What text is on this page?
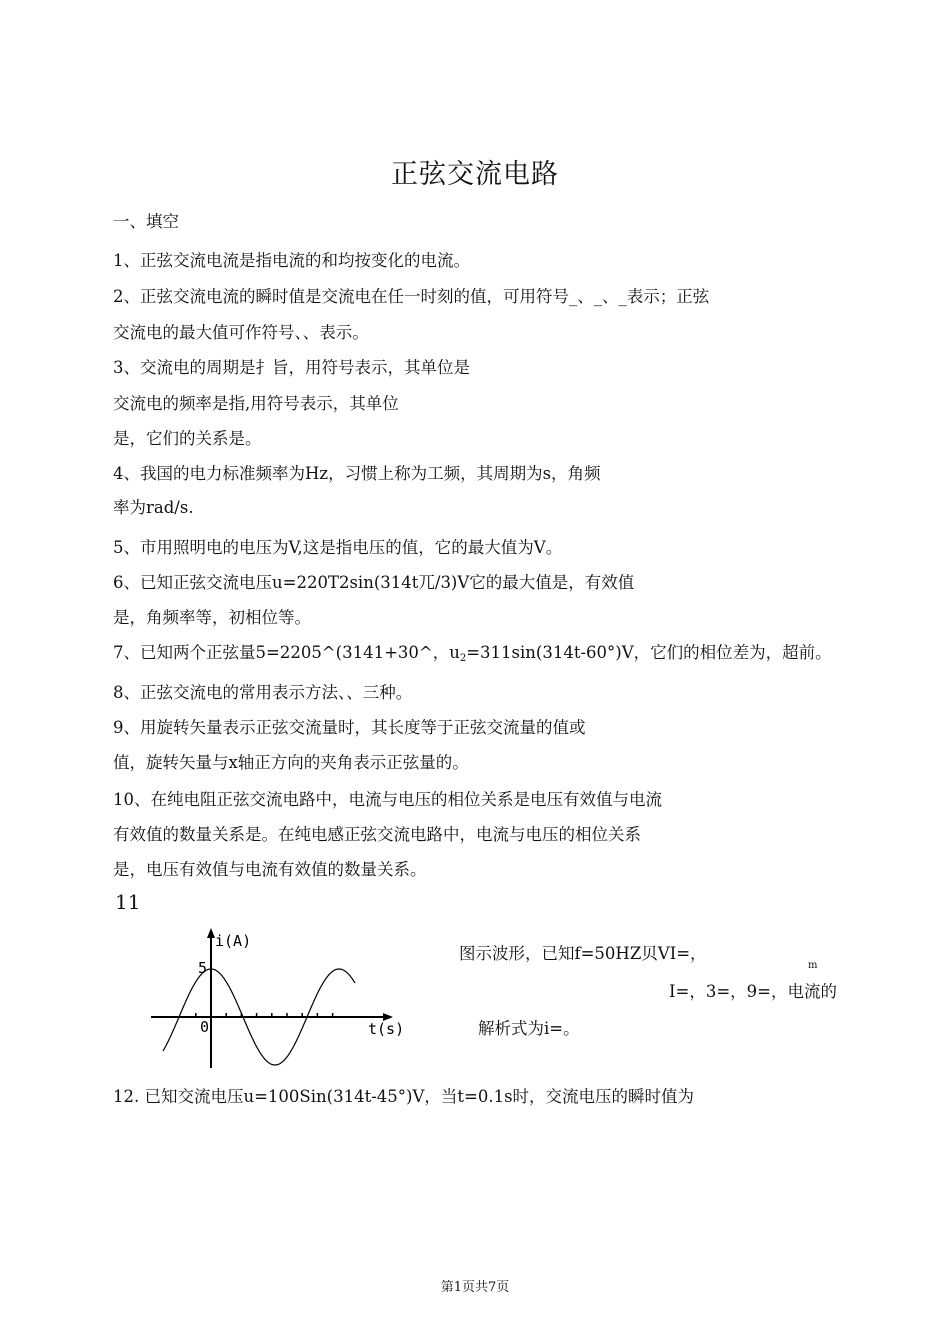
正弦交流电路
一、填空
1、正弦交流电流是指电流的和均按变化的电流。
2、正弦交流电流的瞬时值是交流电在任一时刻的值，可用符号_、_、_表示；正弦
交流电的最大值可作符号、、表示。
3、交流电的周期是扌旨，用符号表示，其单位是
交流电的频率是指,用符号表示，其单位
是，它们的关系是。
4、我国的电力标准频率为Hz，习惯上称为工频，其周期为s，角频
率为rad/s.
5、市用照明电的电压为V,这是指电压的值，它的最大值为V。
6、已知正弦交流电压u=220T2sin(314t兀/3)V它的最大值是，有效值
是，角频率等，初相位等。
7、已知两个正弦量5=2205^(3141+30^，$u_2=311\sin(314t-60^\circ)V$，它们的相位差为，超前。
8、正弦交流电的常用表示方法、、三种。
9、用旋转矢量表示正弦交流量时，其长度等于正弦交流量的值或
值，旋转矢量与x轴正方向的夹角表示正弦量的。
10、在纯电阻正弦交流电路中，电流与电压的相位关系是电压有效值与电流
有效值的数量关系是。在纯电感正弦交流电路中，电流与电压的相位关系
是，电压有效值与电流有效值的数量关系。
11
i(A)
5
0	t(s)
图示波形，已知f=50HZ贝VI=，
m
I=，3=，9=，电流的
解析式为i=。
12. 已知交流电压u=100Sin(314t-45°)V，当t=0.1s时，交流电压的瞬时值为
第1页共7页
